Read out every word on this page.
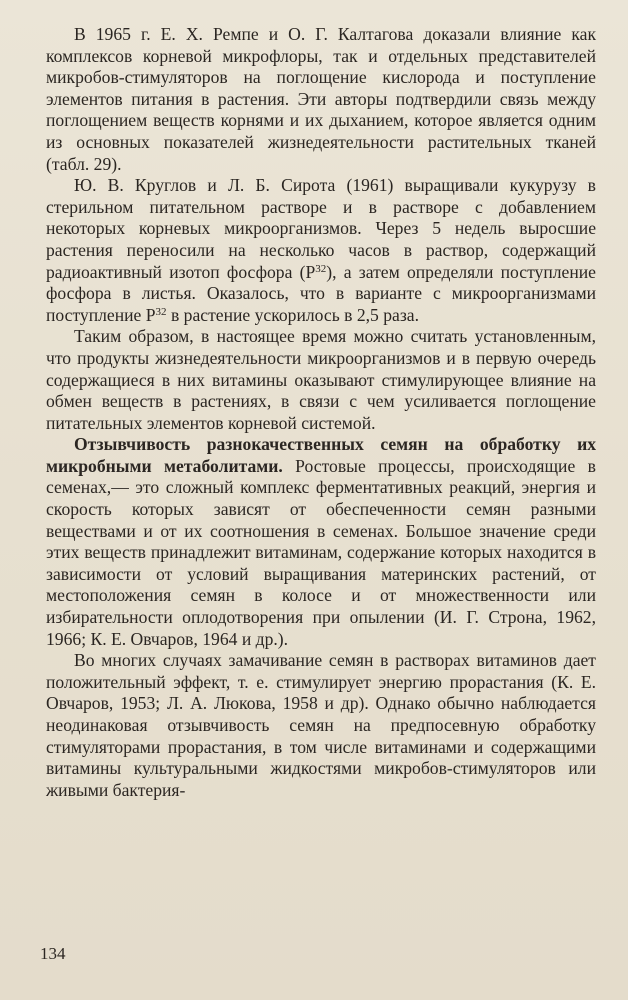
В 1965 г. Е. Х. Ремпе и О. Г. Калтагова доказали влияние как комплексов корневой микрофлоры, так и отдельных представителей микробов-стимуляторов на поглощение кислорода и поступление элементов питания в растения. Эти авторы подтвердили связь между поглощением веществ корнями и их дыханием, которое является одним из основных показателей жизнедеятельности растительных тканей (табл. 29).

Ю. В. Круглов и Л. Б. Сирота (1961) выращивали кукурузу в стерильном питательном растворе и в растворе с добавлением некоторых корневых микроорганизмов. Через 5 недель выросшие растения переносили на несколько часов в раствор, содержащий радиоактивный изотоп фосфора $(P^{32})$, а затем определяли поступление фосфора в листья. Оказалось, что в варианте с микроорганизмами поступление $P^{32}$ в растение ускорилось в 2,5 раза.

Таким образом, в настоящее время можно считать установленным, что продукты жизнедеятельности микроорганизмов и в первую очередь содержащиеся в них витамины оказывают стимулирующее влияние на обмен веществ в растениях, в связи с чем усиливается поглощение питательных элементов корневой системой.

Отзывчивость разнокачественных семян на обработку их микробными метаболитами. Ростовые процессы, происходящие в семенах,— это сложный комплекс ферментативных реакций, энергия и скорость которых зависят от обеспеченности семян разными веществами и от их соотношения в семенах. Большое значение среди этих веществ принадлежит витаминам, содержание которых находится в зависимости от условий выращивания материнских растений, от местоположения семян в колосе и от множественности или избирательности оплодотворения при опылении (И. Г. Строна, 1962, 1966; К. Е. Овчаров, 1964 и др.).

Во многих случаях замачивание семян в растворах витаминов дает положительный эффект, т. е. стимулирует энергию прорастания (К. Е. Овчаров, 1953; Л. А. Люкова, 1958 и др). Однако обычно наблюдается неодинаковая отзывчивость семян на предпосевную обработку стимуляторами прорастания, в том числе витаминами и содержащими витамины культуральными жидкостями микробов-стимуляторов или живыми бактерия-

134
